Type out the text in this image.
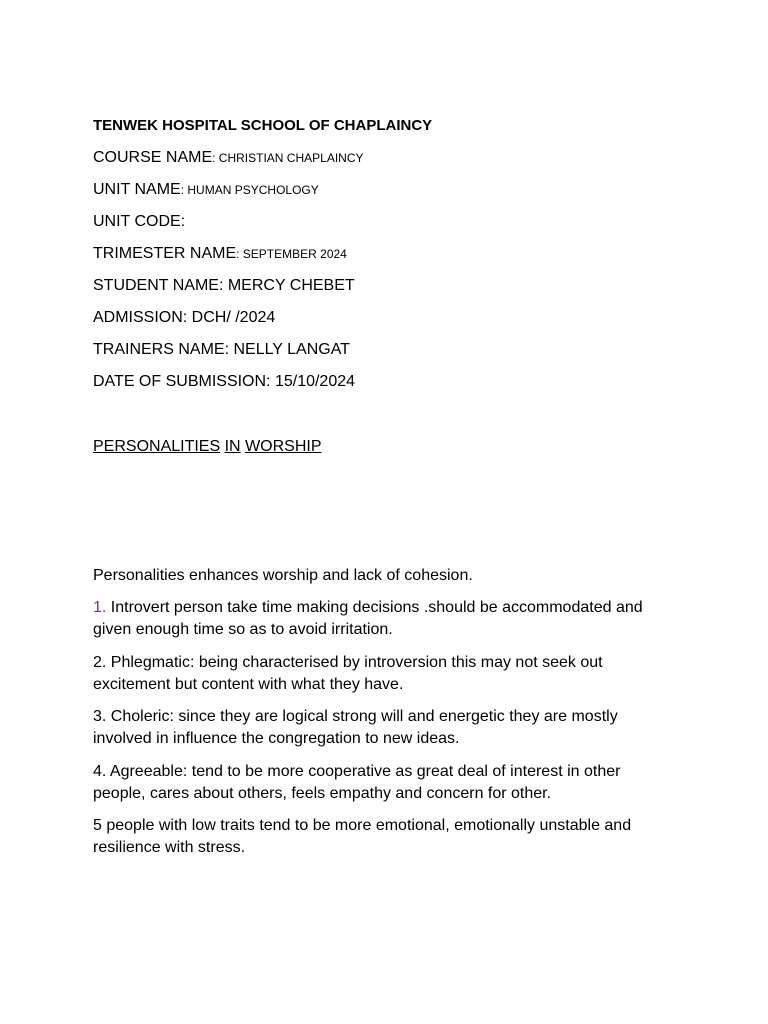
TENWEK HOSPITAL SCHOOL OF CHAPLAINCY
COURSE NAME: CHRISTIAN CHAPLAINCY
UNIT NAME: HUMAN PSYCHOLOGY
UNIT CODE:
TRIMESTER NAME: SEPTEMBER 2024
STUDENT NAME: MERCY CHEBET
ADMISSION: DCH/ /2024
TRAINERS NAME: NELLY LANGAT
DATE OF SUBMISSION: 15/10/2024
PERSONALITIES IN WORSHIP
Personalities enhances worship and lack of cohesion.
1. Introvert person take time making decisions .should be accommodated and given enough time so as to avoid irritation.
2. Phlegmatic: being characterised by introversion this may not seek out excitement but content with what they have.
3. Choleric: since they are logical strong will and energetic they are mostly involved in influence the congregation to new ideas.
4. Agreeable: tend to be more cooperative as great deal of interest in other people, cares about others, feels empathy and concern for other.
5 people with low traits tend to be more emotional, emotionally unstable and resilience with stress.
